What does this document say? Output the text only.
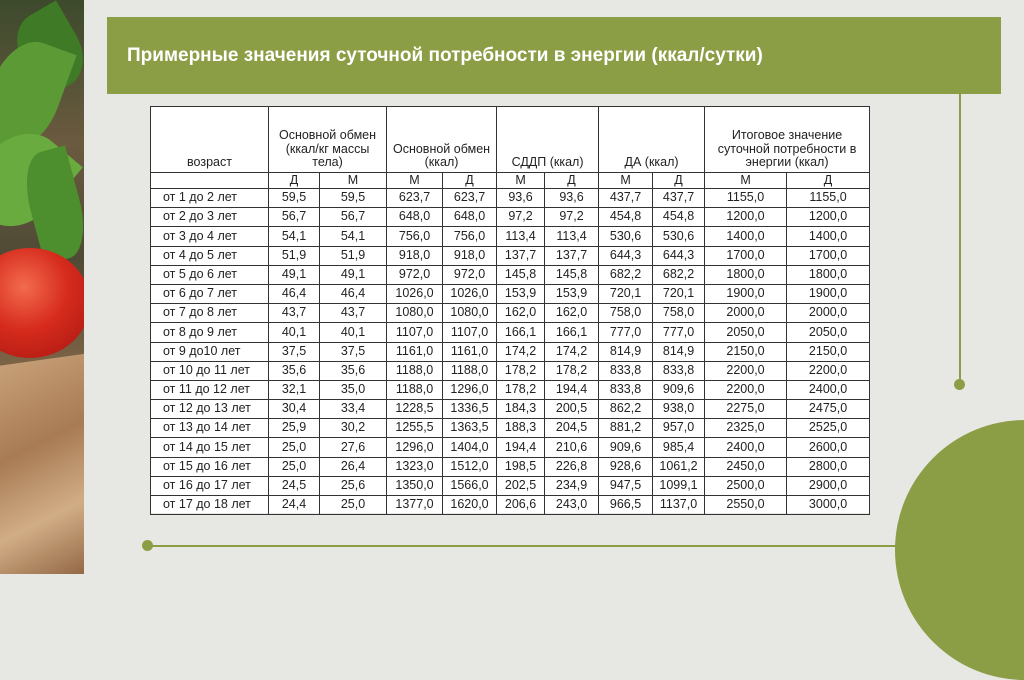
Примерные значения суточной потребности в энергии (ккал/сутки)
возраст	Основной обмен (ккал/кг массы тела)		Основной обмен (ккал)		СДДП (ккал)		ДА (ккал)		Итоговое значение суточной потребности в энергии (ккал)	
	Д	М	М	Д	М	Д	М	Д	М	Д
от 1 до 2 лет	59,5	59,5	623,7	623,7	93,6	93,6	437,7	437,7	1155,0	1155,0
от 2 до 3 лет	56,7	56,7	648,0	648,0	97,2	97,2	454,8	454,8	1200,0	1200,0
от 3 до 4 лет	54,1	54,1	756,0	756,0	113,4	113,4	530,6	530,6	1400,0	1400,0
от 4 до 5 лет	51,9	51,9	918,0	918,0	137,7	137,7	644,3	644,3	1700,0	1700,0
от 5 до 6 лет	49,1	49,1	972,0	972,0	145,8	145,8	682,2	682,2	1800,0	1800,0
от 6 до 7 лет	46,4	46,4	1026,0	1026,0	153,9	153,9	720,1	720,1	1900,0	1900,0
от 7 до 8 лет	43,7	43,7	1080,0	1080,0	162,0	162,0	758,0	758,0	2000,0	2000,0
от 8 до 9 лет	40,1	40,1	1107,0	1107,0	166,1	166,1	777,0	777,0	2050,0	2050,0
от 9 до10 лет	37,5	37,5	1161,0	1161,0	174,2	174,2	814,9	814,9	2150,0	2150,0
от 10 до 11 лет	35,6	35,6	1188,0	1188,0	178,2	178,2	833,8	833,8	2200,0	2200,0
от 11 до 12 лет	32,1	35,0	1188,0	1296,0	178,2	194,4	833,8	909,6	2200,0	2400,0
от 12 до 13 лет	30,4	33,4	1228,5	1336,5	184,3	200,5	862,2	938,0	2275,0	2475,0
от 13 до 14 лет	25,9	30,2	1255,5	1363,5	188,3	204,5	881,2	957,0	2325,0	2525,0
от 14 до 15 лет	25,0	27,6	1296,0	1404,0	194,4	210,6	909,6	985,4	2400,0	2600,0
от 15 до 16 лет	25,0	26,4	1323,0	1512,0	198,5	226,8	928,6	1061,2	2450,0	2800,0
от 16 до 17 лет	24,5	25,6	1350,0	1566,0	202,5	234,9	947,5	1099,1	2500,0	2900,0
от 17 до 18 лет	24,4	25,0	1377,0	1620,0	206,6	243,0	966,5	1137,0	2550,0	3000,0
